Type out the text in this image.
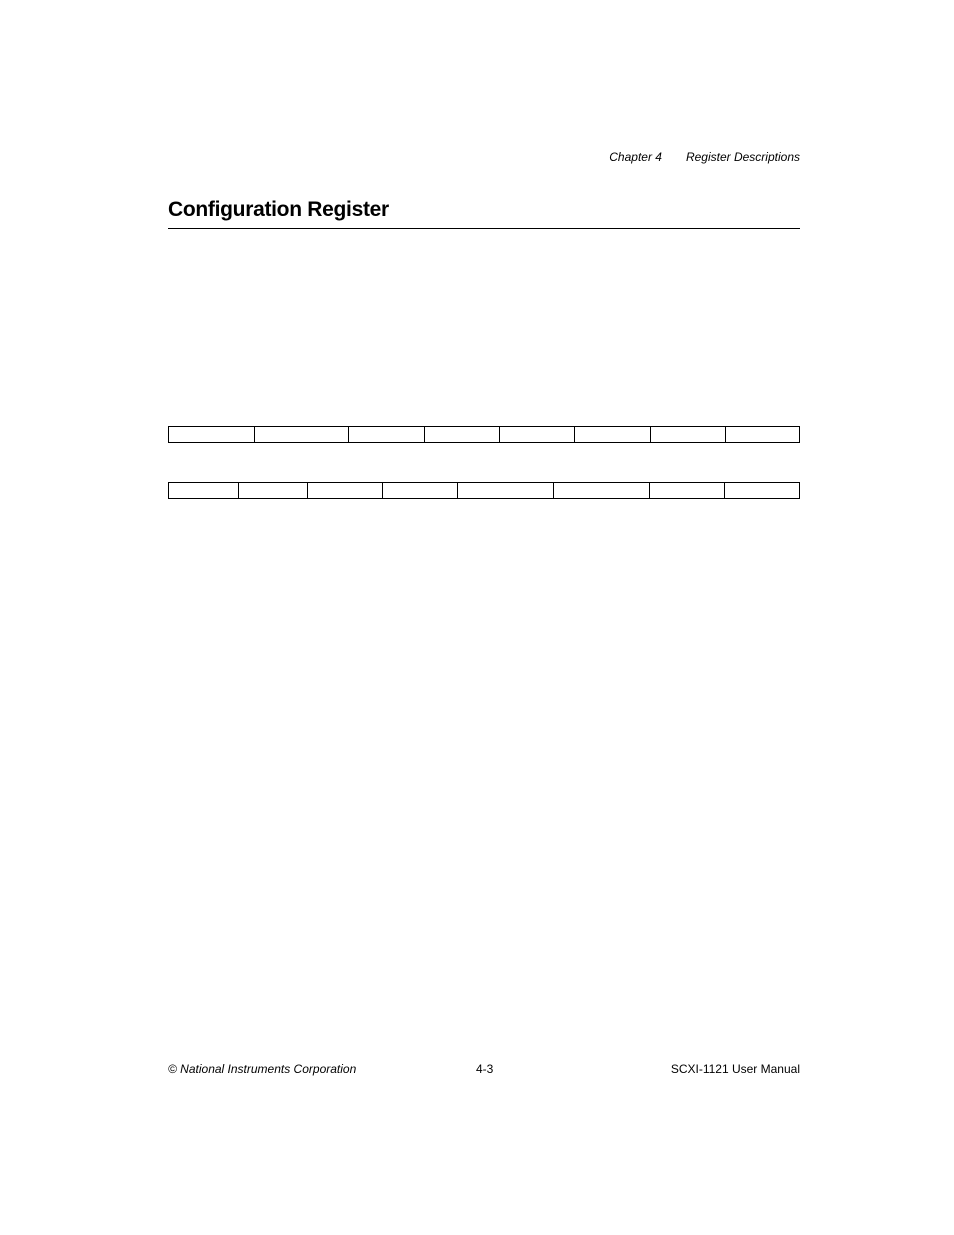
Chapter 4 Register Descriptions
Configuration Register
© National Instruments Corporation	4-3	SCXI-1121 User Manual
